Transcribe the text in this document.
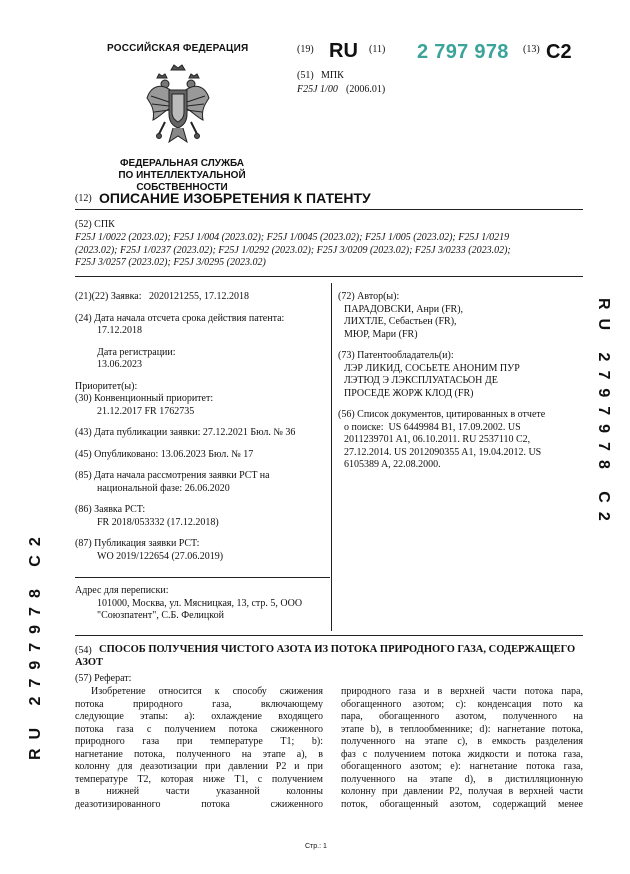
РОССИЙСКАЯ ФЕДЕРАЦИЯ
ФЕДЕРАЛЬНАЯ СЛУЖБА
ПО ИНТЕЛЛЕКТУАЛЬНОЙ СОБСТВЕННОСТИ
(19) RU (11) 2 797 978 (13) C2
(51) МПК
F25J 1/00 (2006.01)
(12) ОПИСАНИЕ ИЗОБРЕТЕНИЯ К ПАТЕНТУ
(52) СПК
F25J 1/0022 (2023.02); F25J 1/004 (2023.02); F25J 1/0045 (2023.02); F25J 1/005 (2023.02); F25J 1/0219
(2023.02); F25J 1/0237 (2023.02); F25J 1/0292 (2023.02); F25J 3/0209 (2023.02); F25J 3/0233 (2023.02);
F25J 3/0257 (2023.02); F25J 3/0295 (2023.02)

(21)(22) Заявка: 2020121255, 17.12.2018

(24) Дата начала отсчета срока действия патента:

17.12.2018

Дата регистрации:

13.06.2023

Приоритет(ы):

(30) Конвенционный приоритет:

21.12.2017 FR 1762735

(43) Дата публикации заявки: 27.12.2021 Бюл. № 36

(45) Опубликовано: 13.06.2023 Бюл. № 17

(85) Дата начала рассмотрения заявки PCT на

национальной фазе: 26.06.2020

(86) Заявка PCT:

FR 2018/053332 (17.12.2018)

(87) Публикация заявки PCT:

WO 2019/122654 (27.06.2019)

Адрес для переписки:

101000, Москва, ул. Мясницкая, 13, стр. 5, ООО

"Союзпатент", С.Б. Фелицкой

(72) Автор(ы):

ПАРАДОВСКИ, Анри (FR),

ЛИХТЛЕ, Себастьен (FR),

МЮР, Мари (FR)

(73) Патентообладатель(и):

ЛЭР ЛИКИД, СОСЬЕТЕ АНОНИМ ПУР

ЛЭТЮД Э ЛЭКСПЛУАТАСЬОН ДЕ

ПРОСЕДЕ ЖОРЖ КЛОД (FR)

(56) Список документов, цитированных в отчете

о поиске: US 6449984 B1, 17.09.2002. US

2011239701 A1, 06.10.2011. RU 2537110 C2,

27.12.2014. US 2012090355 A1, 19.04.2012. US

6105389 A, 22.08.2000.

(54) СПОСОБ ПОЛУЧЕНИЯ ЧИСТОГО АЗОТА ИЗ ПОТОКА ПРИРОДНОГО ГАЗА, СОДЕРЖАЩЕГО
АЗОТ
(57) Реферат:
Изобретение относится к способу сжижения
потока природного газа, включающему
следующие этапы: a): охлаждение входящего
потока газа с получением потока сжиженного
природного газа при температуре T1; b):
нагнетание потока, полученного на этапе a), в
колонну для деазотизации при давлении P2 и при
температуре T2, которая ниже T1, с получением
в нижней части указанной колонны
деазотизированного потока сжиженного
природного газа и в верхней части потока пара,
обогащенного азотом; c): конденсация пото ка
пара, обогащенного азотом, полученного на
этапе b), в теплообменнике; d): нагнетание потока,
полученного на этапе c), в емкость разделения
фаз с получением потока жидкости и потока газа,
обогащенного азотом; e): нагнетание потока газа,
полученного на этапе d), в дистилляционную
колонну при давлении P2, получая в верхней части
поток, обогащенный азотом, содержащий менее
Стр.: 1
RU 2797978 C2
RU 2797978 C2
